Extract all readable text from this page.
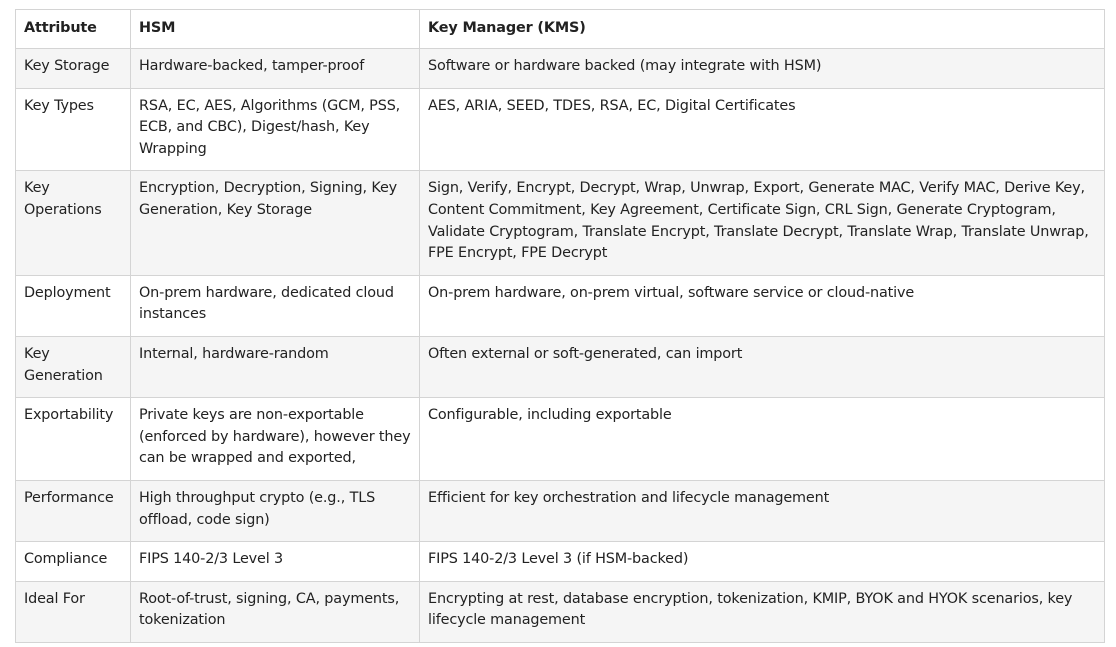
Attribute	HSM	Key Manager (KMS)
Key Storage	Hardware-backed, tamper-proof	Software or hardware backed (may integrate with HSM)
Key Types	RSA, EC, AES, Algorithms (GCM, PSS, ECB, and CBC), Digest/hash, Key Wrapping	AES, ARIA, SEED, TDES, RSA, EC, Digital Certificates
Key Operations	Encryption, Decryption, Signing, Key Generation, Key Storage	Sign, Verify, Encrypt, Decrypt, Wrap, Unwrap, Export, Generate MAC, Verify MAC, Derive Key, Content Commitment, Key Agreement, Certificate Sign, CRL Sign, Generate Cryptogram, Validate Cryptogram, Translate Encrypt, Translate Decrypt, Translate Wrap, Translate Unwrap, FPE Encrypt, FPE Decrypt
Deployment	On-prem hardware, dedicated cloud instances	On-prem hardware, on-prem virtual, software service or cloud-native
Key Generation	Internal, hardware-random	Often external or soft-generated, can import
Exportability	Private keys are non-exportable (enforced by hardware), however they can be wrapped and exported,	Configurable, including exportable
Performance	High throughput crypto (e.g., TLS offload, code sign)	Efficient for key orchestration and lifecycle management
Compliance	FIPS 140-2/3 Level 3	FIPS 140-2/3 Level 3 (if HSM-backed)
Ideal For	Root-of-trust, signing, CA, payments, tokenization	Encrypting at rest, database encryption, tokenization, KMIP, BYOK and HYOK scenarios, key lifecycle management
